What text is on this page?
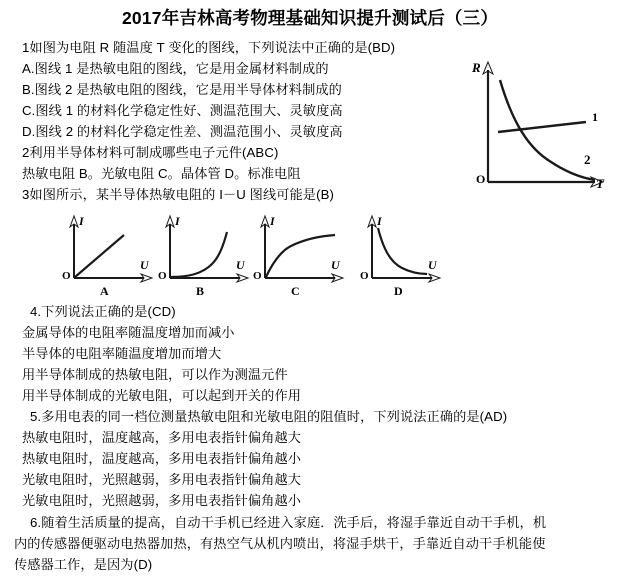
2017年吉林高考物理基础知识提升测试后（三）
1如图为电阻 R 随温度 T 变化的图线，下列说法中正确的是(BD)
A.图线 1 是热敏电阻的图线，它是用金属材料制成的
B.图线 2 是热敏电阻的图线，它是用半导体材料制成的
C.图线 1 的材料化学稳定性好、测温范围大、灵敏度高
D.图线 2 的材料化学稳定性差、测温范围小、灵敏度高
2利用半导体材料可制成哪些电子元件(ABC)
热敏电阻 B。光敏电阻 C。晶体管 D。标准电阻
3如图所示，某半导体热敏电阻的 I－U 图线可能是(B)
4.下列说法正确的是(CD)
金属导体的电阻率随温度增加而减小
半导体的电阻率随温度增加而增大
用半导体制成的热敏电阻，可以作为测温元件
用半导体制成的光敏电阻，可以起到开关的作用
5.多用电表的同一档位测量热敏电阻和光敏电阻的阻值时，下列说法正确的是(AD)
热敏电阻时，温度越高，多用电表指针偏角越大
热敏电阻时，温度越高，多用电表指针偏角越小
光敏电阻时，光照越弱，多用电表指针偏角越大
光敏电阻时，光照越弱，多用电表指针偏角越小
6.随着生活质量的提高，自动干手机已经进入家庭．洗手后，将湿手靠近自动干手机，机
内的传感器便驱动电热器加热，有热空气从机内喷出，将湿手烘干，手靠近自动干手机能使
传感器工作，是因为(D)
R
T
O
1
2
I
U
O
A
I
U
O
B
I
U
O
C
I
U
O
D
